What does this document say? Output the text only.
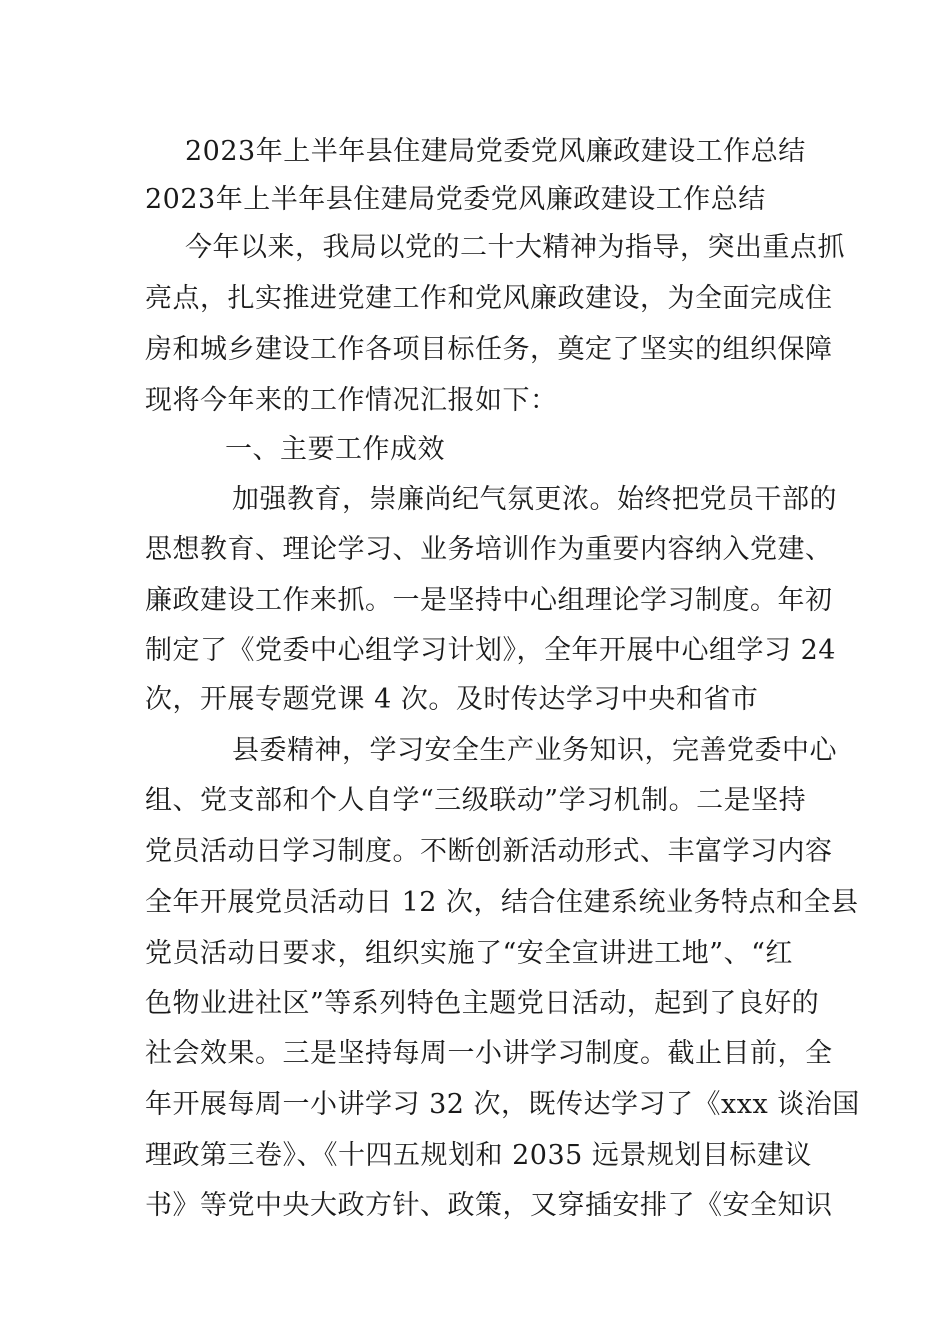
2023年上半年县住建局党委党风廉政建设工作总结
2023年上半年县住建局党委党风廉政建设工作总结
今年以来，我局以党的二十大精神为指导，突出重点抓
亮点，扎实推进党建工作和党风廉政建设，为全面完成住
房和城乡建设工作各项目标任务，奠定了坚实的组织保障
现将今年来的工作情况汇报如下：
一、主要工作成效
加强教育，崇廉尚纪气氛更浓。始终把党员干部的
思想教育、理论学习、业务培训作为重要内容纳入党建、
廉政建设工作来抓。一是坚持中心组理论学习制度。年初
制定了《党委中心组学习计划》，全年开展中心组学习 24
次，开展专题党课 4 次。及时传达学习中央和省市
县委精神，学习安全生产业务知识，完善党委中心
组、党支部和个人自学“三级联动”学习机制。二是坚持
党员活动日学习制度。不断创新活动形式、丰富学习内容
全年开展党员活动日 12 次，结合住建系统业务特点和全县
党员活动日要求，组织实施了“安全宣讲进工地”、“红
色物业进社区”等系列特色主题党日活动，起到了良好的
社会效果。三是坚持每周一小讲学习制度。截止目前，全
年开展每周一小讲学习 32 次，既传达学习了《xxx 谈治国
理政第三卷》、《十四五规划和 2035 远景规划目标建议
书》等党中央大政方针、政策，又穿插安排了《安全知识
